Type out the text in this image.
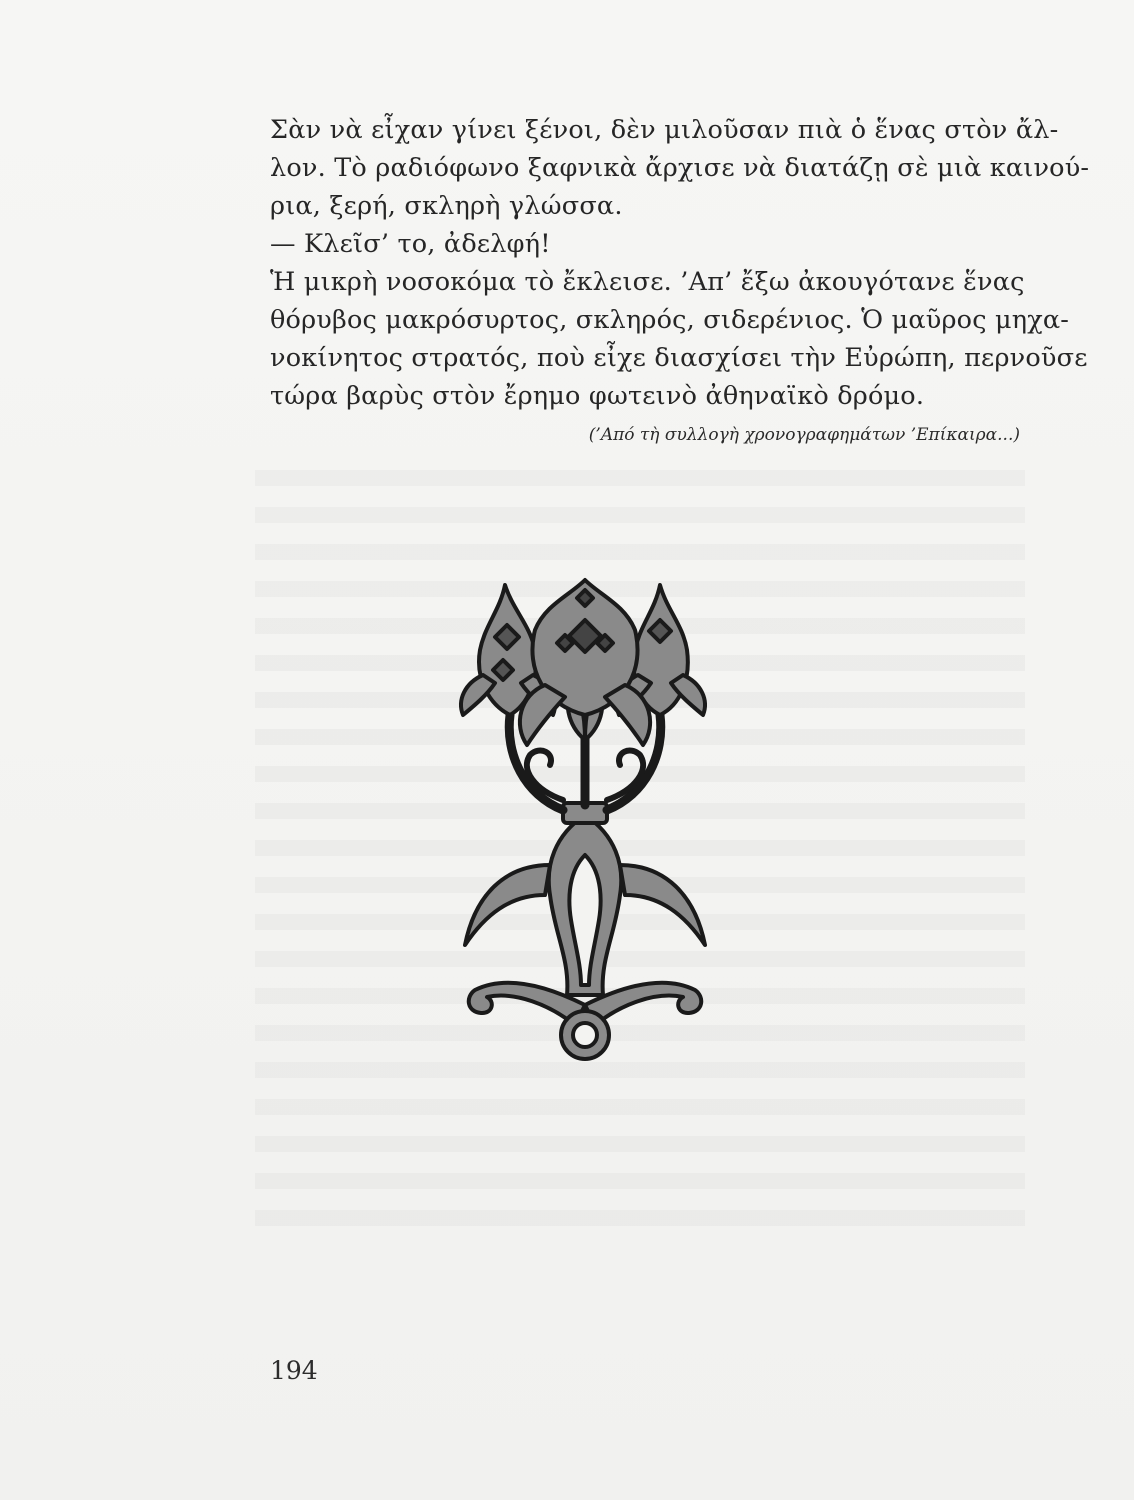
Σὰν νὰ εἶχαν γίνει ξένοι, δὲν μιλοῦσαν πιὰ ὁ ἕνας στὸν ἄλ-
λον. Τὸ ραδιόφωνο ξαφνικὰ ἄρχισε νὰ διατάζῃ σὲ μιὰ καινού-
ρια, ξερή, σκληρὴ γλώσσα.
— Κλεῖσ’ το, ἀδελφή!
Ἡ μικρὴ νοσοκόμα τὸ ἔκλεισε. ’Απ’ ἔξω ἀκουγότανε ἕνας
θόρυβος μακρόσυρτος, σκληρός, σιδερένιος. Ὁ μαῦρος μηχα-
νοκίνητος στρατός, ποὺ εἶχε διασχίσει τὴν Εὐρώπη, περνοῦσε
τώρα βαρὺς στὸν ἔρημο φωτεινὸ ἀθηναϊκὸ δρόμο.

(’Από τὴ συλλογὴ χρονογραφημάτων ’Επίκαιρα...)
194
